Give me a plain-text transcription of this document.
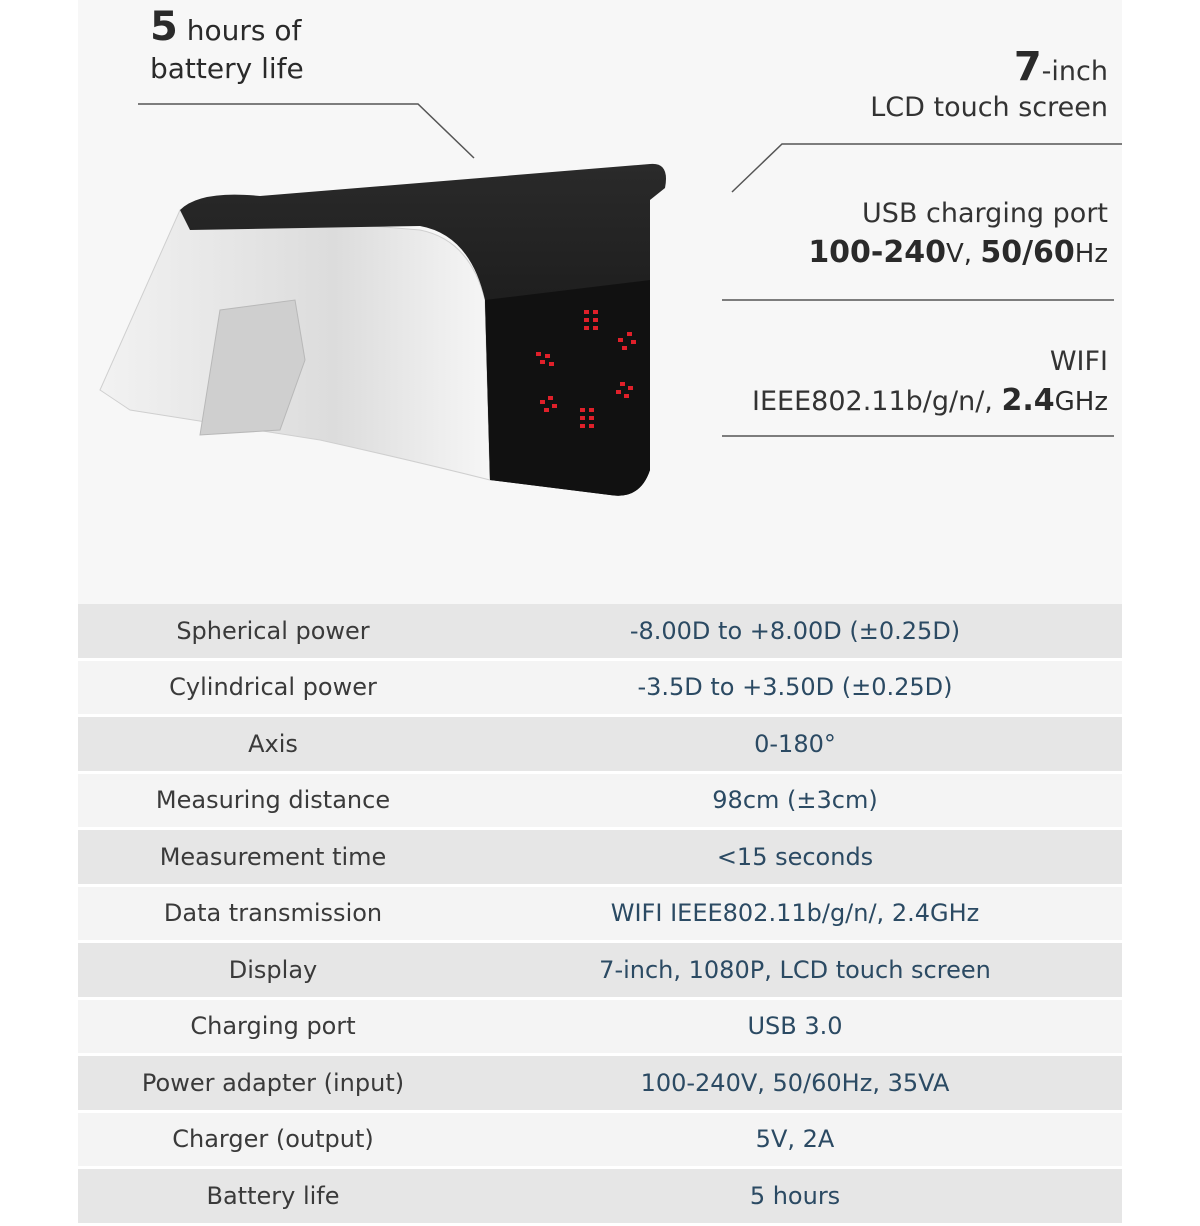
5 hours of
battery life	7-inch
LCD touch screen
USB charging port
100-240V, 50/60Hz
WIFI
IEEE802.11b/g/n/, 2.4GHz
Spherical power	-8.00D to +8.00D (±0.25D)
Cylindrical power	-3.5D to +3.50D (±0.25D)
Axis	0-180°
Measuring distance	98cm (±3cm)
Measurement time	<15 seconds
Data transmission	WIFI IEEE802.11b/g/n/, 2.4GHz
Display	7-inch, 1080P, LCD touch screen
Charging port	USB 3.0
Power adapter (input)	100-240V, 50/60Hz, 35VA
Charger (output)	5V, 2A
Battery life	5 hours
